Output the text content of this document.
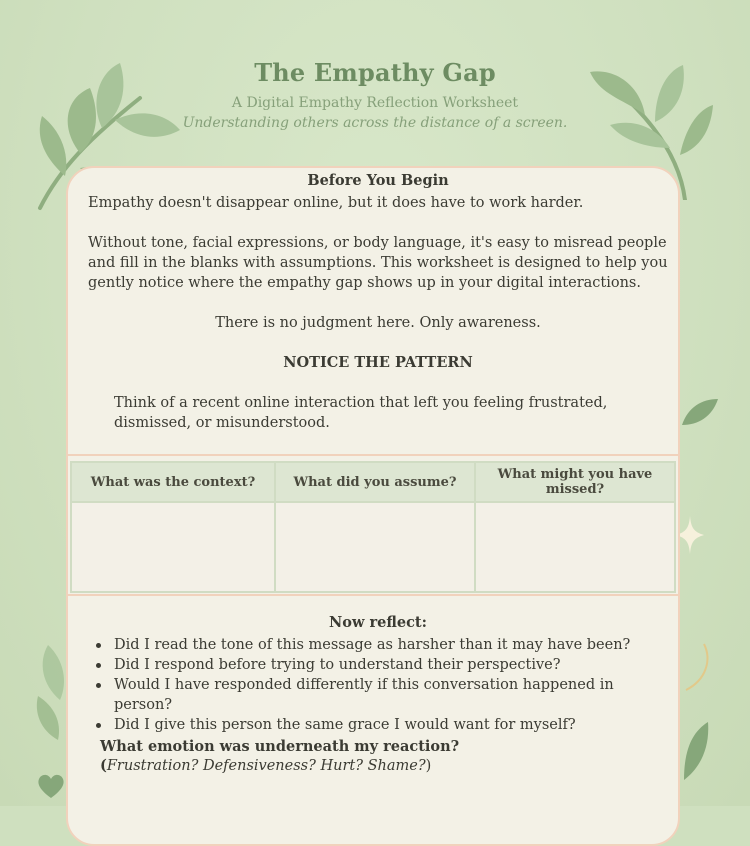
The Empathy Gap
A Digital Empathy Reflection Worksheet
Understanding others across the distance of a screen.

Before You Begin

Empathy doesn't disappear online, but it does have to work harder.

Without tone, facial expressions, or body language, it's easy to misread people and fill in the blanks with assumptions. This worksheet is designed to help you gently notice where the empathy gap shows up in your digital interactions.

There is no judgment here. Only awareness.

NOTICE THE PATTERN

Think of a recent online interaction that left you feeling frustrated, dismissed, or misunderstood.

What was the context?	What did you assume?	What might you have missed?

Now reflect:

Did I read the tone of this message as harsher than it may have been?
Did I respond before trying to understand their perspective?
Would I have responded differently if this conversation happened in person?
Did I give this person the same grace I would want for myself?
What emotion was underneath my reaction?
(Frustration? Defensiveness? Hurt? Shame?)
